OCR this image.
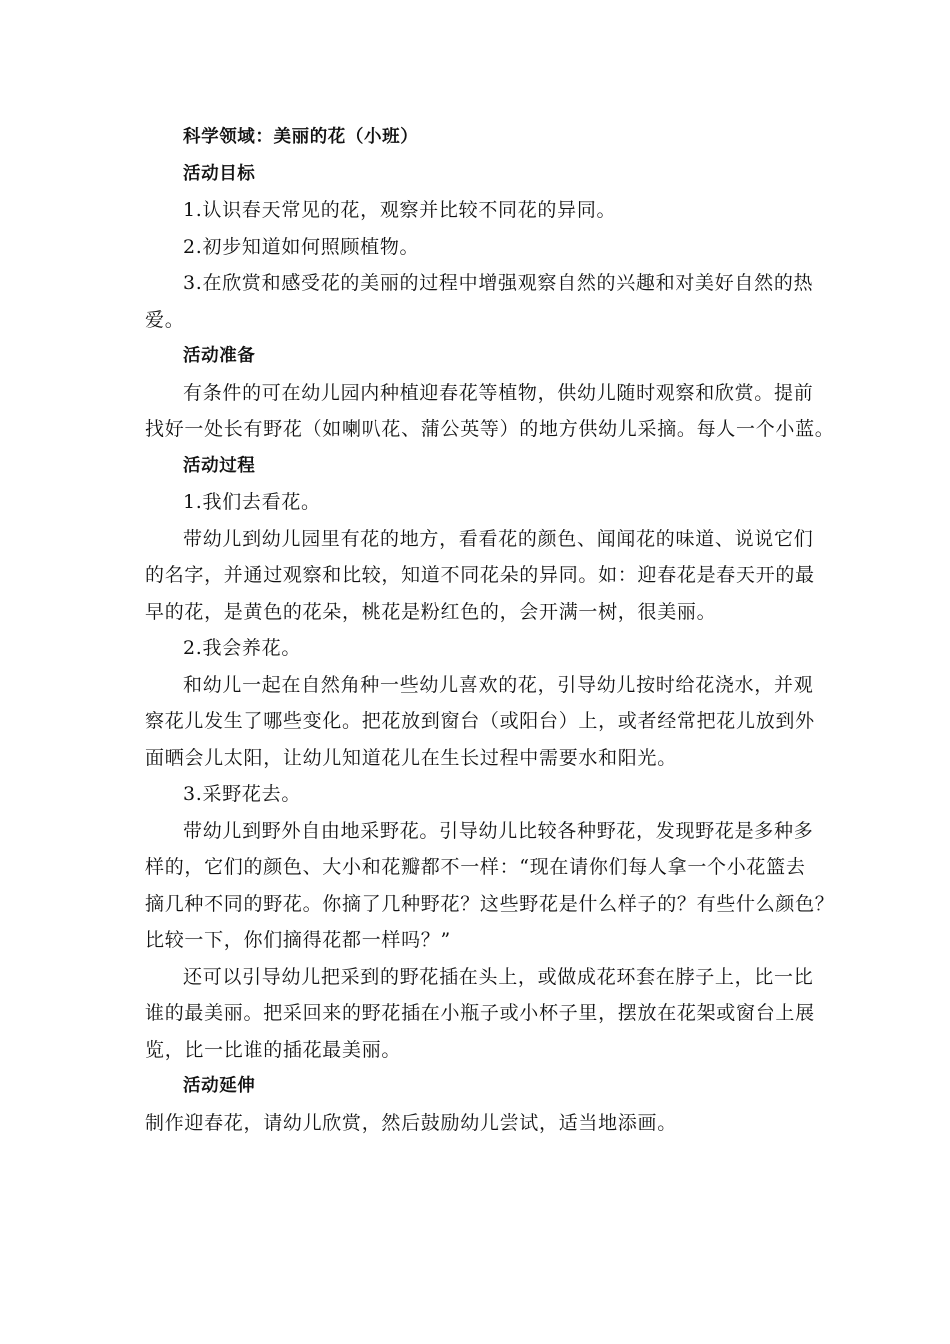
科学领域：美丽的花（小班）
活动目标
1.认识春天常见的花，观察并比较不同花的异同。
2.初步知道如何照顾植物。
3.在欣赏和感受花的美丽的过程中增强观察自然的兴趣和对美好自然的热
爱。
活动准备
有条件的可在幼儿园内种植迎春花等植物，供幼儿随时观察和欣赏。提前
找好一处长有野花（如喇叭花、蒲公英等）的地方供幼儿采摘。每人一个小蓝。
活动过程
1.我们去看花。
带幼儿到幼儿园里有花的地方，看看花的颜色、闻闻花的味道、说说它们
的名字，并通过观察和比较，知道不同花朵的异同。如：迎春花是春天开的最
早的花，是黄色的花朵，桃花是粉红色的，会开满一树，很美丽。
2.我会养花。
和幼儿一起在自然角种一些幼儿喜欢的花，引导幼儿按时给花浇水，并观
察花儿发生了哪些变化。把花放到窗台（或阳台）上，或者经常把花儿放到外
面晒会儿太阳，让幼儿知道花儿在生长过程中需要水和阳光。
3.采野花去。
带幼儿到野外自由地采野花。引导幼儿比较各种野花，发现野花是多种多
样的，它们的颜色、大小和花瓣都不一样：“现在请你们每人拿一个小花篮去
摘几种不同的野花。你摘了几种野花？这些野花是什么样子的？有些什么颜色？
比较一下，你们摘得花都一样吗？”
还可以引导幼儿把采到的野花插在头上，或做成花环套在脖子上，比一比
谁的最美丽。把采回来的野花插在小瓶子或小杯子里，摆放在花架或窗台上展
览，比一比谁的插花最美丽。
活动延伸
制作迎春花，请幼儿欣赏，然后鼓励幼儿尝试，适当地添画。
